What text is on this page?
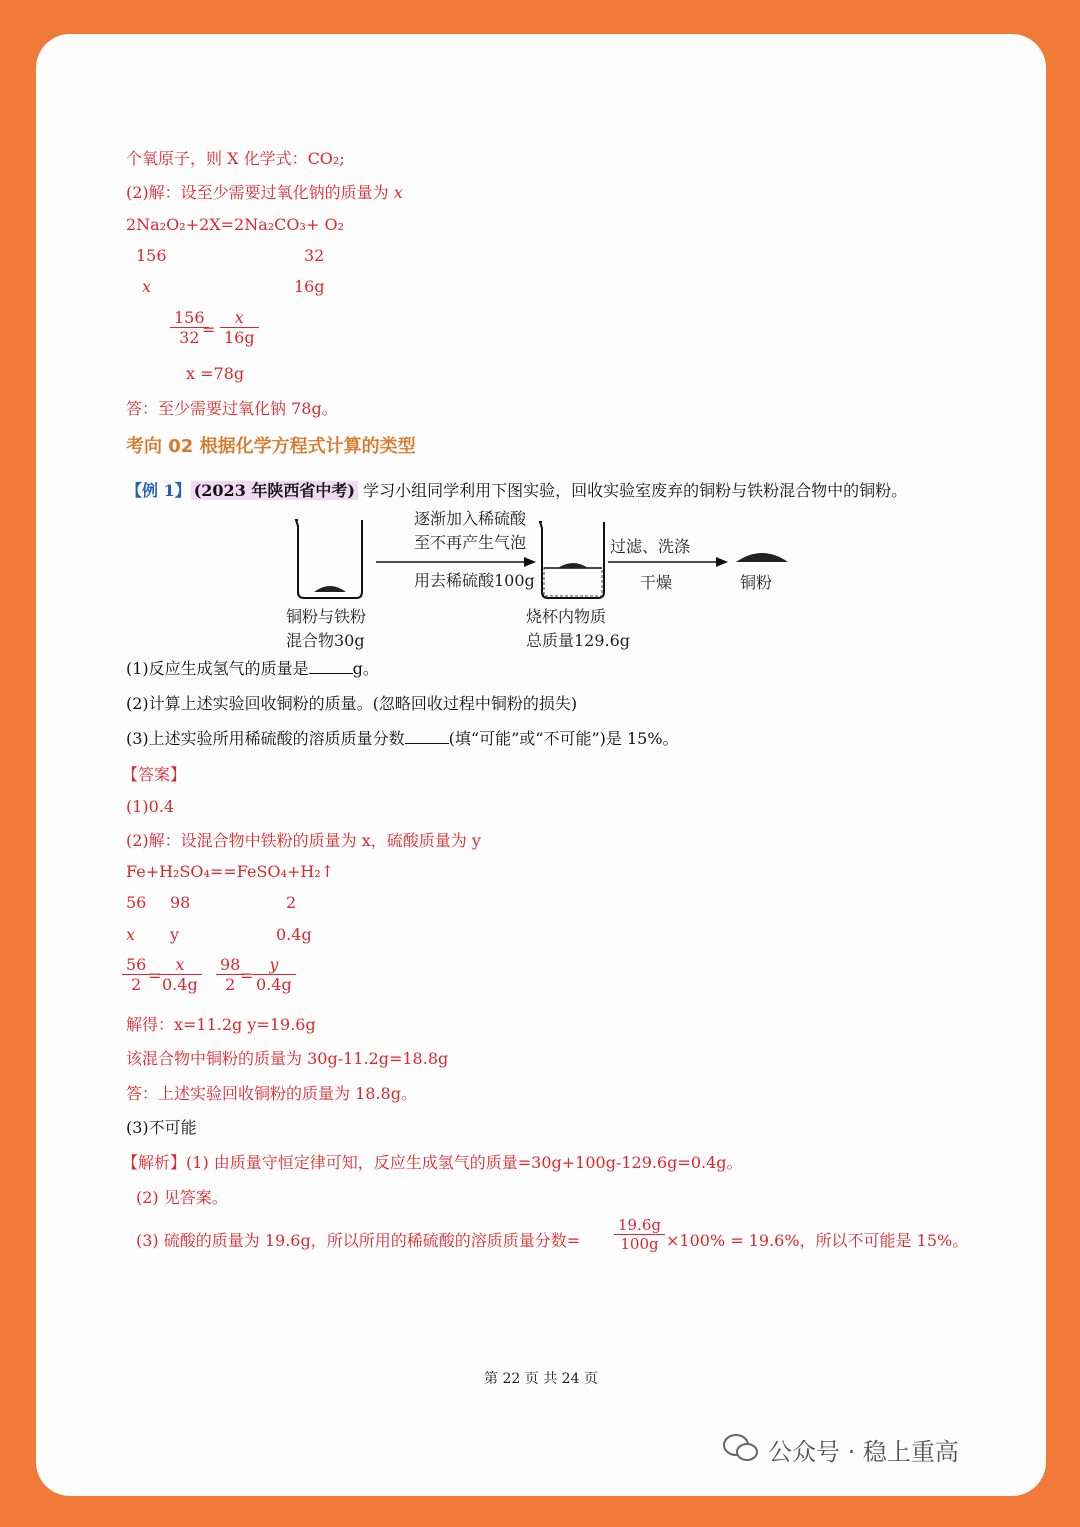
个氧原子，则 X 化学式：CO₂;
(2)解：设至少需要过氧化钠的质量为 x
2Na₂O₂+2X=2Na₂CO₃+ O₂
156	32
x	16g
$\frac{156}{32}$
= $\frac{x}{16g}$
x =78g
答：至少需要过氧化钠 78g。
考向 02 根据化学方程式计算的类型
【例 1】 (2023 年陕西省中考) 学习小组同学利用下图实验，回收实验室废弃的铜粉与铁粉混合物中的铜粉。
(1)反应生成氢气的质量是	g。
(2)计算上述实验回收铜粉的质量。(忽略回收过程中铜粉的损失)
(3)上述实验所用稀硫酸的溶质质量分数	(填“可能”或“不可能”)是 15%。
【答案】
(1)0.4
(2)解：设混合物中铁粉的质量为 x，硫酸质量为 y
Fe+H₂SO₄==FeSO₄+H₂↑
56 98	2
x y	0.4g
$\frac{56}{2}$
=
$\frac{x}{0.4g} \frac{98}{2}$
=
$\frac{y}{0.4g}$
解得：x=11.2g y=19.6g
该混合物中铜粉的质量为 30g-11.2g=18.8g
答：上述实验回收铜粉的质量为 18.8g。
(3)不可能
【解析】(1) 由质量守恒定律可知，反应生成氢气的质量=30g+100g-129.6g=0.4g。
(2) 见答案。
(3) 硫酸的质量为 19.6g，所以所用的稀硫酸的溶质质量分数= $\frac{19.6g}{100g} \times 100\% = 19.6\%$，所以不可能是 15%。
逐渐加入稀硫酸
至不再产生气泡
用去稀硫酸100g
过滤、洗涤
干燥
铜粉与铁粉
混合物30g
烧杯内物质
总质量129.6g
铜粉
第 22 页 共 24 页
公众号 · 稳上重高
